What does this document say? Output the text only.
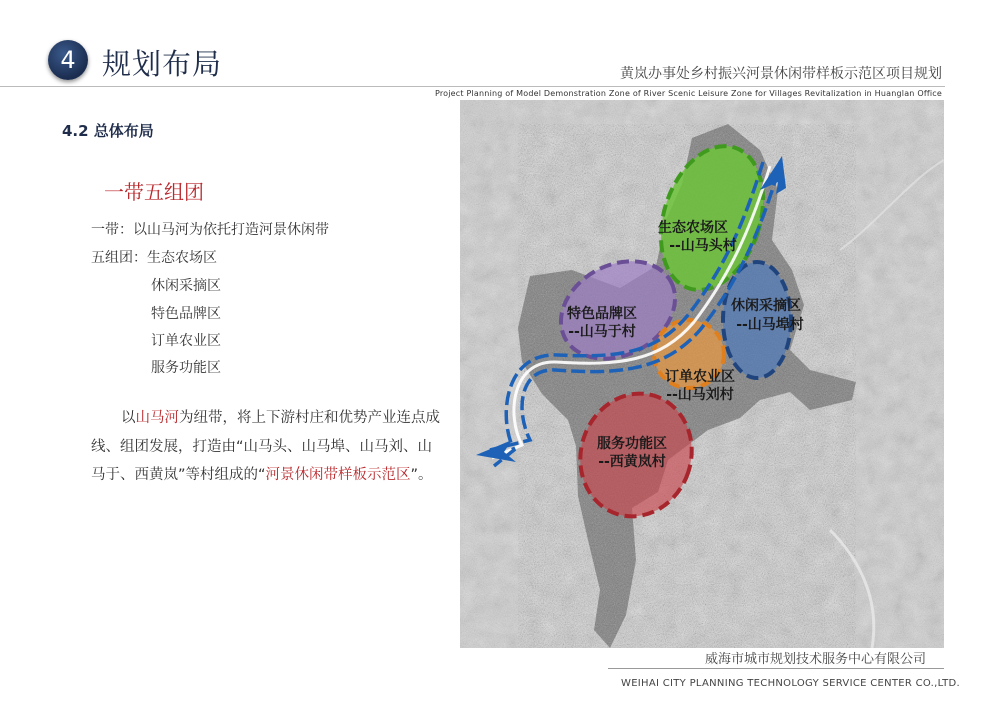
4 规划布局	黄岚办事处乡村振兴河景休闲带样板示范区项目规划
Project Planning of Model Demonstration Zone of River Scenic Leisure Zone for Villages Revitalization in Huanglan Office
4.2 总体布局
一带五组团
一带：以山马河为依托打造河景休闲带
五组团：生态农场区
休闲采摘区
特色品牌区
订单农业区
服务功能区
以山马河为纽带，将上下游村庄和优势产业连点成线、组团发展，打造由“山马头、山马埠、山马刘、山马于、西黄岚”等村组成的“河景休闲带样板示范区”。
生态农场区
--山马头村
休闲采摘区
--山马埠村
特色品牌区
--山马于村
订单农业区
--山马刘村
服务功能区
--西黄岚村
威海市城市规划技术服务中心有限公司
WEIHAI CITY PLANNING TECHNOLOGY SERVICE CENTER CO.,LTD.
